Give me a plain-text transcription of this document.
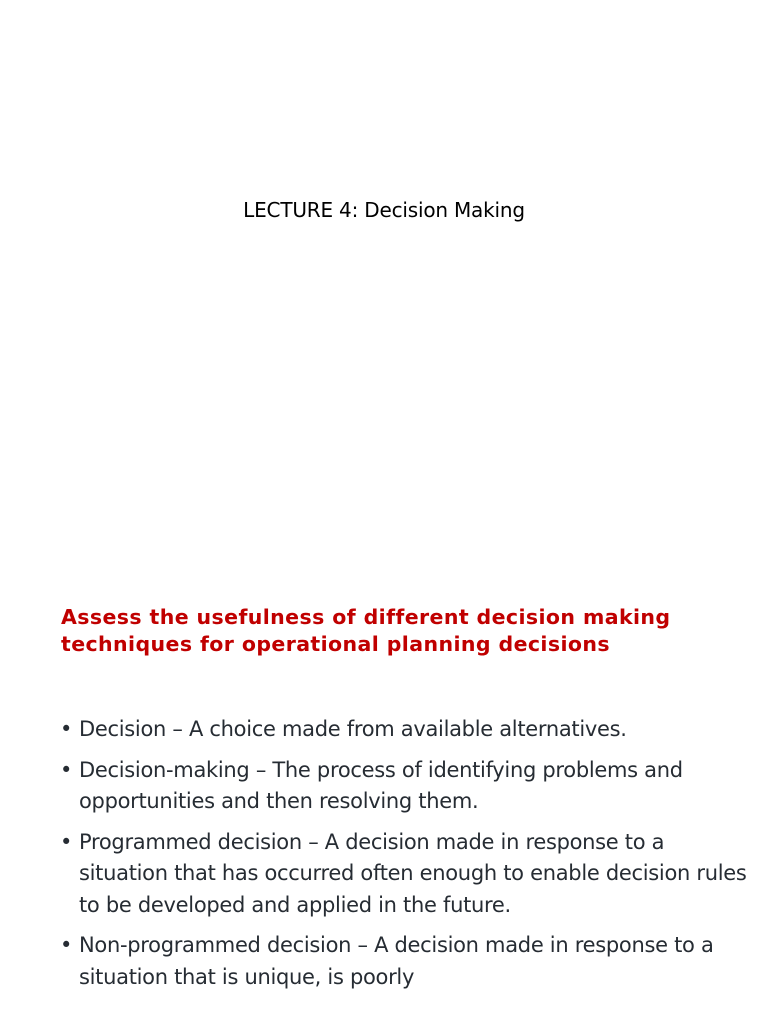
LECTURE 4: Decision Making
Assess the usefulness of different decision making techniques for operational planning decisions
• Decision – A choice made from available alternatives.
• Decision-making – The process of identifying problems and opportunities and then resolving them.
• Programmed decision – A decision made in response to a situation that has occurred often enough to enable decision rules to be developed and applied in the future.
• Non-programmed decision – A decision made in response to a situation that is unique, is poorly
